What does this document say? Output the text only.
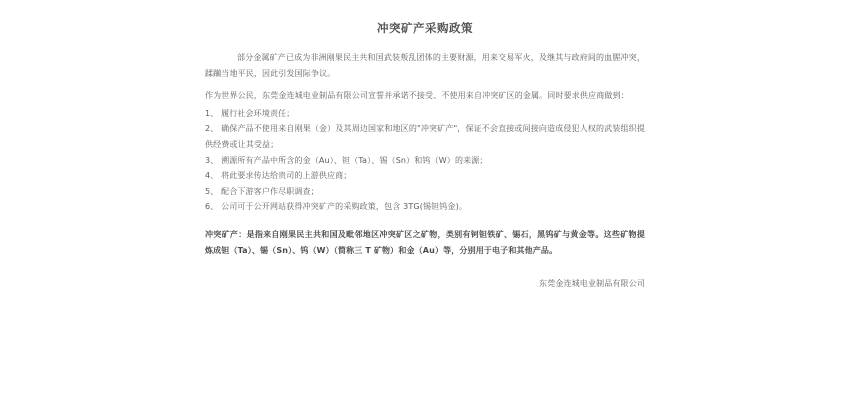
冲突矿产采购政策

部分金属矿产已成为非洲刚果民主共和国武装叛乱团体的主要财源，用来交易军火，及继其与政府间的血腥冲突，蹂躏当地平民，因此引发国际争议。

作为世界公民，东莞金连城电业制品有限公司宣誓并承诺不接受、不使用来自冲突矿区的金属。同时要求供应商做到：

1、 履行社会环境责任；

2、 确保产品不使用来自刚果（金）及其周边国家和地区的"冲突矿产"，保证不会直接或间接向造成侵犯人权的武装组织提供经费或让其受益；

3、 溯源所有产品中所含的金（Au）、钽（Ta）、锡（Sn）和钨（W）的来源；

4、 将此要求传达给贵司的上游供应商；

5、 配合下游客户作尽职调查；

6、 公司可于公开网站获得冲突矿产的采购政策，包含 3TG(锡钽钨金)。

冲突矿产：是指来自刚果民主共和国及毗邻地区冲突矿区之矿物，类别有钶钽铁矿、锡石，黑钨矿与黄金等。这些矿物提炼成钽（Ta）、锡（Sn）、钨（W）（简称三 T 矿物）和金（Au）等，分别用于电子和其他产品。

东莞金连城电业制品有限公司
